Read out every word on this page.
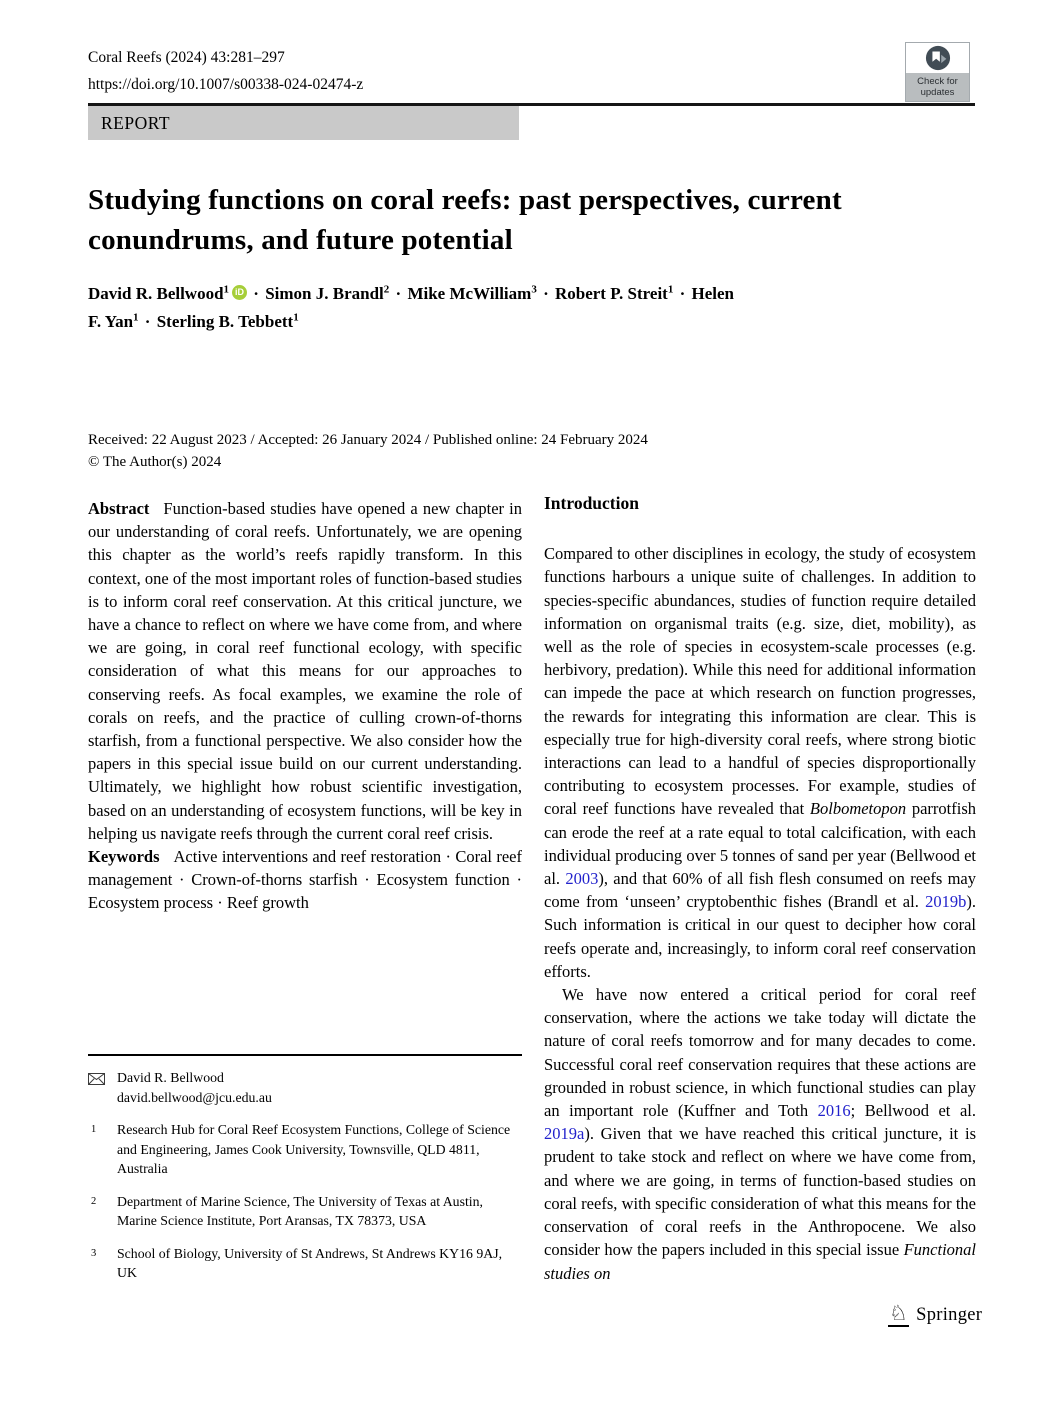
Coral Reefs (2024) 43:281–297
https://doi.org/10.1007/s00338-024-02474-z	Check for
updates
REPORT
Studying functions on coral reefs: past perspectives, current conundrums, and future potential
David R. Bellwood$^1$ iD · Simon J. Brandl$^2$ · Mike McWilliam$^3$ · Robert P. Streit$^1$ · Helen F. Yan$^1$ · Sterling B. Tebbett$^1$
Received: 22 August 2023 / Accepted: 26 January 2024 / Published online: 24 February 2024
© The Author(s) 2024

Abstract Function-based studies have opened a new chapter in our understanding of coral reefs. Unfortunately, we are opening this chapter as the world’s reefs rapidly transform. In this context, one of the most important roles of function-based studies is to inform coral reef conservation. At this critical juncture, we have a chance to reflect on where we have come from, and where we are going, in coral reef functional ecology, with specific consideration of what this means for our approaches to conserving reefs. As focal examples, we examine the role of corals on reefs, and the practice of culling crown-of-thorns starfish, from a functional perspective. We also consider how the papers in this special issue build on our current understanding. Ultimately, we highlight how robust scientific investigation, based on an understanding of ecosystem functions, will be key in helping us navigate reefs through the current coral reef crisis.

Keywords Active interventions and reef restoration · Coral reef management · Crown-of-thorns starfish · Ecosystem function · Ecosystem process · Reef growth

Introduction

Compared to other disciplines in ecology, the study of ecosystem functions harbours a unique suite of challenges. In addition to species-specific abundances, studies of function require detailed information on organismal traits (e.g. size, diet, mobility), as well as the role of species in ecosystem-scale processes (e.g. herbivory, predation). While this need for additional information can impede the pace at which research on function progresses, the rewards for integrating this information are clear. This is especially true for high-diversity coral reefs, where strong biotic interactions can lead to a handful of species disproportionally contributing to ecosystem processes. For example, studies of coral reef functions have revealed that Bolbometopon parrotfish can erode the reef at a rate equal to total calcification, with each individual producing over 5 tonnes of sand per year (Bellwood et al. 2003), and that 60% of all fish flesh consumed on reefs may come from ‘unseen’ cryptobenthic fishes (Brandl et al. 2019b). Such information is critical in our quest to decipher how coral reefs operate and, increasingly, to inform coral reef conservation efforts.

We have now entered a critical period for coral reef conservation, where the actions we take today will dictate the nature of coral reefs tomorrow and for many decades to come. Successful coral reef conservation requires that these actions are grounded in robust science, in which functional studies can play an important role (Kuffner and Toth 2016; Bellwood et al. 2019a). Given that we have reached this critical juncture, it is prudent to take stock and reflect on where we have come from, and where we are going, in terms of function-based studies on coral reefs, with specific consideration of what this means for the conservation of coral reefs in the Anthropocene. We also consider how the papers included in this special issue Functional studies on

David R. Bellwood
david.bellwood@jcu.edu.au
1 Research Hub for Coral Reef Ecosystem Functions, College of Science and Engineering, James Cook University, Townsville, QLD 4811, Australia
2 Department of Marine Science, The University of Texas at Austin, Marine Science Institute, Port Aransas, TX 78373, USA
3 School of Biology, University of St Andrews, St Andrews KY16 9AJ, UK
♘ Springer
